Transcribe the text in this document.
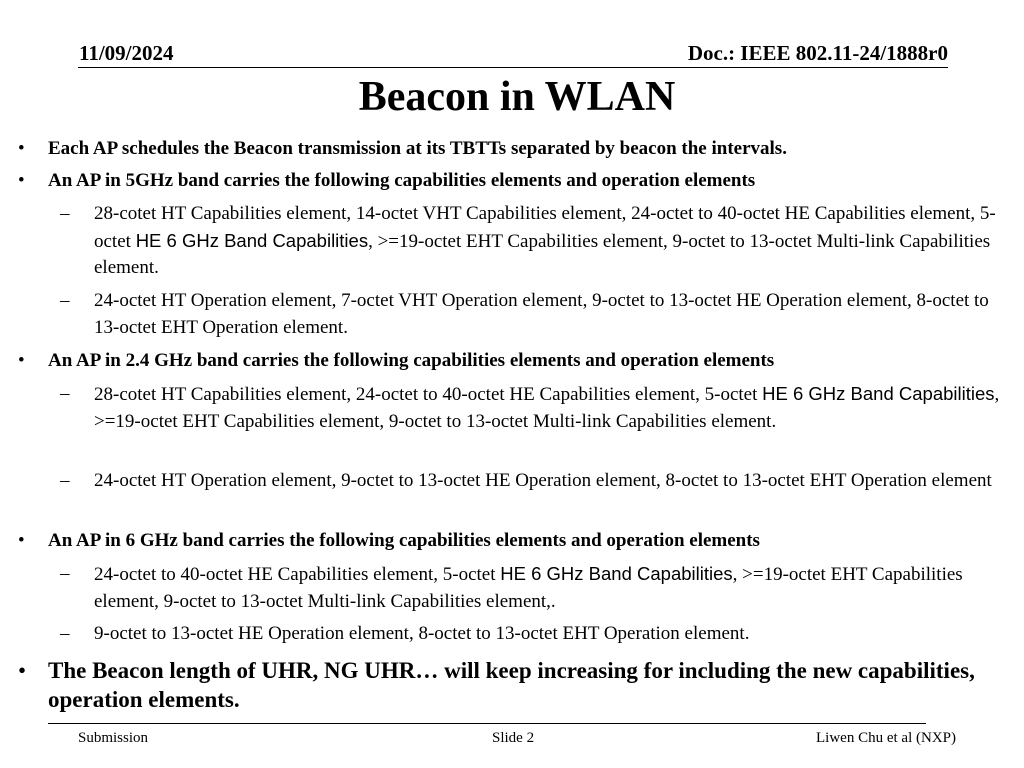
11/09/2024	Doc.: IEEE 802.11-24/1888r0
Beacon in WLAN
• Each AP schedules the Beacon transmission at its TBTTs separated by beacon the intervals.
• An AP in 5GHz band carries the following capabilities elements and operation elements
– 28-cotet HT Capabilities element, 14-octet VHT Capabilities element, 24-octet to 40-octet HE Capabilities element, 5-octet HE 6 GHz Band Capabilities, >=19-octet EHT Capabilities element, 9-octet to 13-octet Multi-link Capabilities element.
– 24-octet HT Operation element, 7-octet VHT Operation element, 9-octet to 13-octet HE Operation element, 8-octet to 13-octet EHT Operation element.
• An AP in 2.4 GHz band carries the following capabilities elements and operation elements
– 28-cotet HT Capabilities element, 24-octet to 40-octet HE Capabilities element, 5-octet HE 6 GHz Band Capabilities, >=19-octet EHT Capabilities element, 9-octet to 13-octet Multi-link Capabilities element.
– 24-octet HT Operation element, 9-octet to 13-octet HE Operation element, 8-octet to 13-octet EHT Operation element
• An AP in 6 GHz band carries the following capabilities elements and operation elements
– 24-octet to 40-octet HE Capabilities element, 5-octet HE 6 GHz Band Capabilities, >=19-octet EHT Capabilities element, 9-octet to 13-octet Multi-link Capabilities element,.
– 9-octet to 13-octet HE Operation element, 8-octet to 13-octet EHT Operation element.
• The Beacon length of UHR, NG UHR… will keep increasing for including the new capabilities, operation elements.
Submission	Slide 2	Liwen Chu et al (NXP)
